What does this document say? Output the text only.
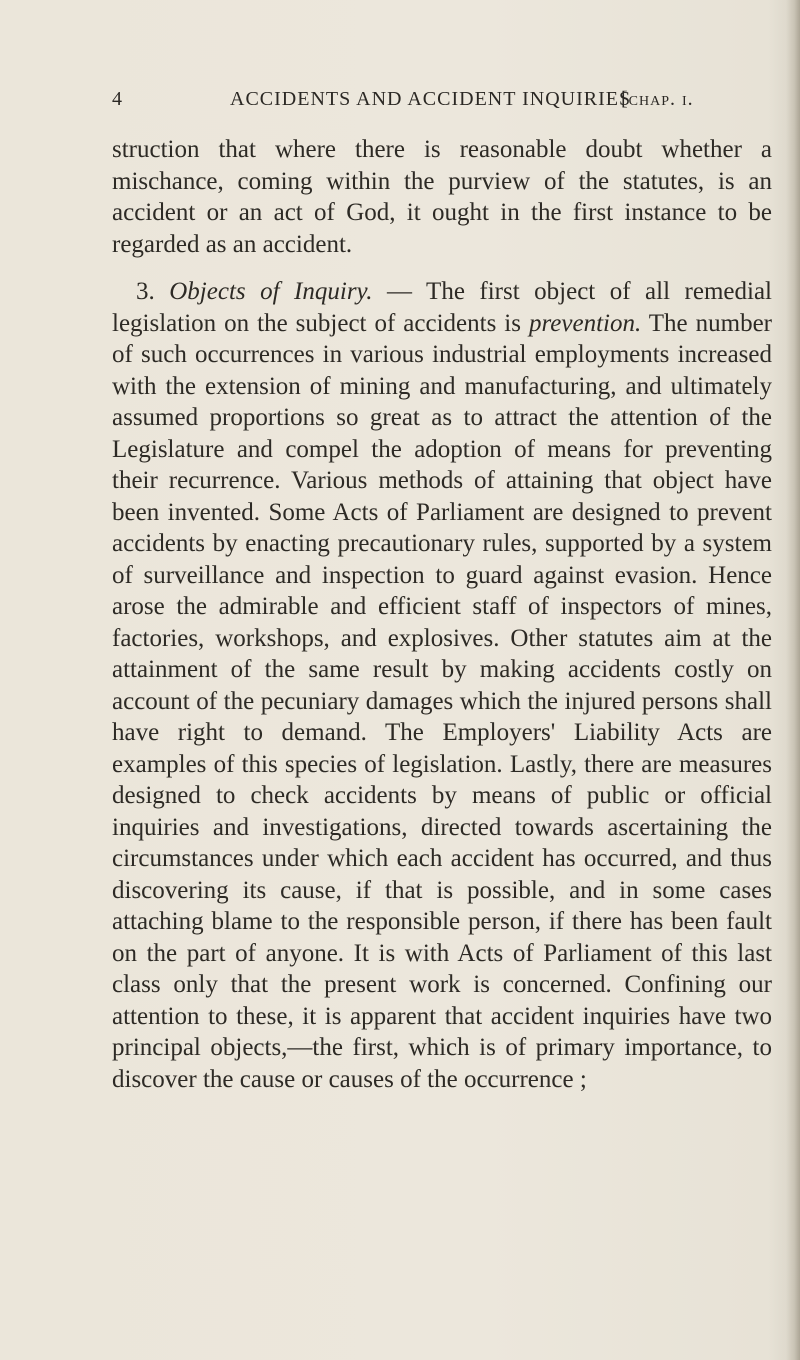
4	ACCIDENTS AND ACCIDENT INQUIRIES
[chap. i.

struction that where there is reasonable doubt whether a mischance, coming within the purview of the statutes, is an accident or an act of God, it ought in the first instance to be regarded as an accident.

3. Objects of Inquiry. — The first object of all remedial legislation on the subject of accidents is prevention. The number of such occurrences in various industrial employments increased with the extension of mining and manufacturing, and ultimately assumed proportions so great as to attract the attention of the Legislature and compel the adoption of means for preventing their recurrence. Various methods of attaining that object have been invented. Some Acts of Parliament are designed to prevent accidents by enacting precautionary rules, supported by a system of surveillance and inspection to guard against evasion. Hence arose the admirable and efficient staff of inspectors of mines, factories, workshops, and explosives. Other statutes aim at the attainment of the same result by making accidents costly on account of the pecuniary damages which the injured persons shall have right to demand. The Employers' Liability Acts are examples of this species of legislation. Lastly, there are measures designed to check accidents by means of public or official inquiries and investigations, directed towards ascertaining the circumstances under which each accident has occurred, and thus discovering its cause, if that is possible, and in some cases attaching blame to the responsible person, if there has been fault on the part of anyone. It is with Acts of Parliament of this last class only that the present work is concerned. Confining our attention to these, it is apparent that accident inquiries have two principal objects,—the first, which is of primary importance, to discover the cause or causes of the occurrence ;
